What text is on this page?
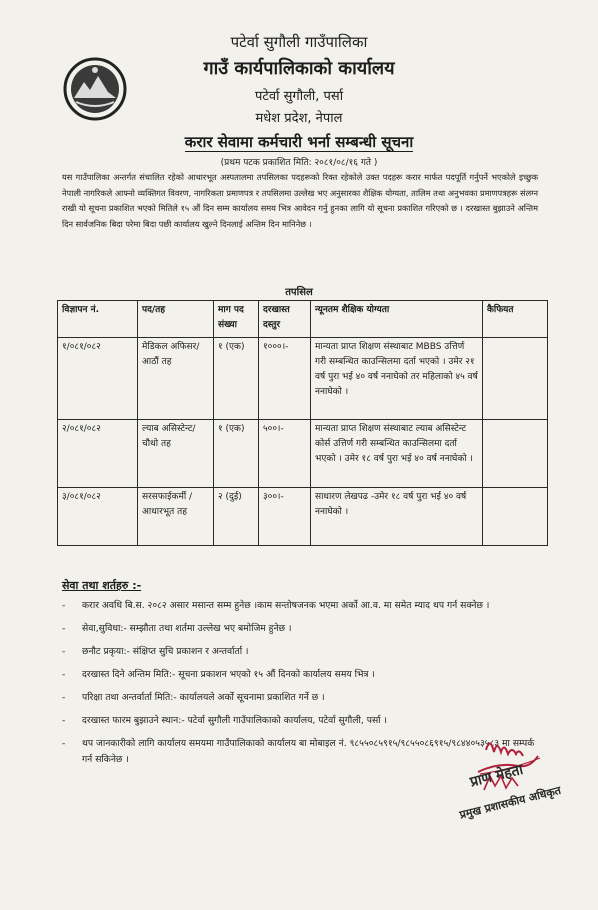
पटेर्वा सुगौली गाउँपालिका
गाउँ कार्यपालिकाको कार्यालय
पटेर्वा सुगौली, पर्सा
मधेश प्रदेश, नेपाल
करार सेवामा कर्मचारी भर्ना सम्बन्धी सूचना
(प्रथम पटक प्रकाशित मिति: २०८१/०८/१६ गते )
यस गाउँपालिका अन्तर्गत संचालित रहेको आधारभूत अस्पतालमा तपसिलका पदहरूको रिक्त रहेकोले उक्त पदहरू करार मार्फत पदपूर्ति गर्नुपर्ने भएकोले इच्छुक नेपाली नागरिकले आफ्नो व्यक्तिगत विवरण, नागरिकता प्रमाणपत्र र तपसिलमा उल्लेख भए अनुसारका शैक्षिक योग्यता, तालिम तथा अनुभवका प्रमाणपत्रहरू संलग्न राखी यो सूचना प्रकाशित भएको मितिले १५ औं दिन सम्म कार्यालय समय भित्र आवेदन गर्नु हुनका लागि यो सूचना प्रकाशित गरिएको छ । दरखास्त बुझाउने अन्तिम दिन सार्वजनिक बिदा परेमा बिदा पछी कार्यालय खुल्ने दिनलाई अन्तिम दिन मानिनेछ ।
तपसिल
विज्ञापन नं.	पद/तह	माग पद संख्या	दरखास्त दस्तुर	न्यूनतम शैक्षिक योग्यता	कैफियत
१/०८१/०८२	मेडिकल अफिसर/आठौं तह	१ (एक)	१०००।-	मान्यता प्राप्त शिक्षण संस्थाबाट MBBS उत्तिर्ण गरी सम्बन्धित काउन्सिलमा दर्ता भएको । उमेर २१ वर्ष पुरा भई ४० वर्ष ननाघेको तर महिलाको ४५ वर्ष ननाघेको ।	
२/०८१/०८२	ल्याब असिस्टेन्ट/चौथो तह	१ (एक)	५००।-	मान्यता प्राप्त शिक्षण संस्थाबाट ल्याब असिस्टेन्ट कोर्स उत्तिर्ण गरी सम्बन्धित काउन्सिलमा दर्ता भएको । उमेर १८ वर्ष पुरा भई ४० वर्ष ननाघेको ।	
३/०८१/०८२	सरसफाईकर्मी /आधारभूत तह	२ (दुई)	३००।-	साधारण लेखपढ -उमेर १८ वर्ष पुरा भई ४० वर्ष ननाघेको ।	
सेवा तथा शर्तहरु :-
- करार अवधि बि.स. २०८२ असार मसान्त सम्म हुनेछ ।काम सन्तोषजनक भएमा अर्को आ.व. मा समेत म्याद थप गर्न सक्नेछ ।
- सेवा,सुविधा:- सम्झौता तथा शर्तमा उल्लेख भए बमोजिम हुनेछ ।
- छनौट प्रकृया:- संक्षिप्त सुचि प्रकाशन र अन्तर्वार्ता ।
- दरखास्त दिने अन्तिम मिति:- सूचना प्रकाशन भएको १५ औं दिनको कार्यालय समय भित्र ।
- परिक्षा तथा अन्तर्वार्ता मिति:- कार्यालयले अर्को सूचनामा प्रकाशित गर्ने छ ।
- दरखास्त फारम बुझाउने स्थान:- पटेर्वा सुगौली गाउँपालिकाको कार्यालय, पटेर्वा सुगौली, पर्सा ।
- थप जानकारीको लागि कार्यालय समयमा गाउँपालिकाको कार्यालय बा मोबाइल नं. ९८५५०८५९१५/९८५५०८६९१५/९८४४०५३५८३ मा सम्पर्क गर्न सकिनेछ ।
प्राण मेहता
प्रमुख प्रशासकीय अधिकृत
